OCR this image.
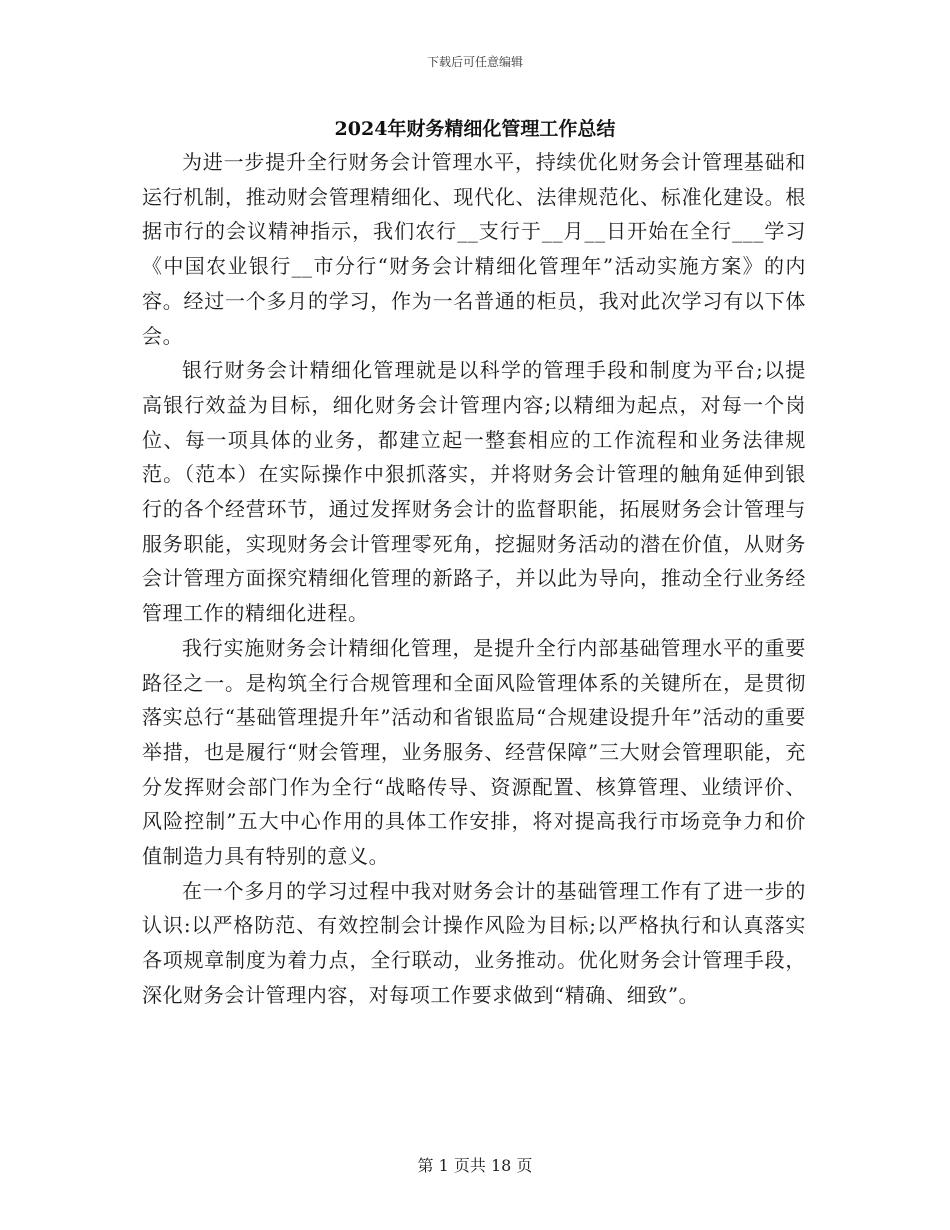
下载后可任意编辑
2024年财务精细化管理工作总结

为进一步提升全行财务会计管理水平，持续优化财务会计管理基础和运行机制，推动财会管理精细化、现代化、法律规范化、标准化建设。根据市行的会议精神指示，我们农行__支行于__月__日开始在全行___学习《中国农业银行__市分行“财务会计精细化管理年”活动实施方案》的内容。经过一个多月的学习，作为一名普通的柜员，我对此次学习有以下体会。

银行财务会计精细化管理就是以科学的管理手段和制度为平台;以提高银行效益为目标，细化财务会计管理内容;以精细为起点，对每一个岗位、每一项具体的业务，都建立起一整套相应的工作流程和业务法律规范。（范本）在实际操作中狠抓落实，并将财务会计管理的触角延伸到银行的各个经营环节，通过发挥财务会计的监督职能，拓展财务会计管理与服务职能，实现财务会计管理零死角，挖掘财务活动的潜在价值，从财务会计管理方面探究精细化管理的新路子，并以此为导向，推动全行业务经管理工作的精细化进程。

我行实施财务会计精细化管理，是提升全行内部基础管理水平的重要路径之一。是构筑全行合规管理和全面风险管理体系的关键所在，是贯彻落实总行“基础管理提升年”活动和省银监局“合规建设提升年”活动的重要举措，也是履行“财会管理，业务服务、经营保障”三大财会管理职能，充分发挥财会部门作为全行“战略传导、资源配置、核算管理、业绩评价、风险控制”五大中心作用的具体工作安排，将对提高我行市场竞争力和价值制造力具有特别的意义。

在一个多月的学习过程中我对财务会计的基础管理工作有了进一步的认识:以严格防范、有效控制会计操作风险为目标;以严格执行和认真落实各项规章制度为着力点，全行联动，业务推动。优化财务会计管理手段，深化财务会计管理内容，对每项工作要求做到“精确、细致”。

第 1 页共 18 页
